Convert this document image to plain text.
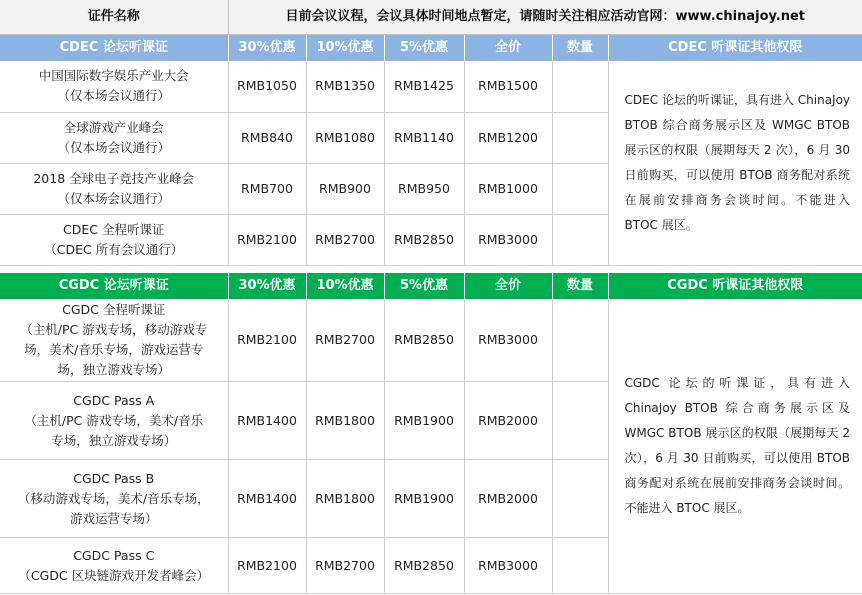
证件名称	目前会议议程，会议具体时间地点暂定，请随时关注相应活动官网：www.chinajoy.net					
CDEC 论坛听课证	30%优惠	10%优惠	5%优惠	全价	数量	CDEC 听课证其他权限

中国国际数字娱乐产业大会
（仅本场会议通行）	RMB1050	RMB1350	RMB1425	RMB1500		CDEC 论坛的听课证，具有进入 ChinaJoy BTOB 综合商务展示区及 WMGC BTOB 展示区的权限（展期每天 2 次），6 月 30 日前购买，可以使用 BTOB 商务配对系统在展前安排商务会谈时间。不能进入 BTOC 展区。

全球游戏产业峰会
（仅本场会议通行）	RMB840	RMB1080	RMB1140	RMB1200		

2018 全球电子竞技产业峰会
（仅本场会议通行）	RMB700	RMB900	RMB950	RMB1000		

CDEC 全程听课证
（CDEC 所有会议通行）	RMB2100	RMB2700	RMB2850	RMB3000		

CGDC 论坛听课证	30%优惠	10%优惠	5%优惠	全价	数量	CGDC 听课证其他权限

CGDC 全程听课证
（主机/PC 游戏专场，移动游戏专
场，美术/音乐专场，游戏运营专
场，独立游戏专场）	RMB2100	RMB2700	RMB2850	RMB3000		CGDC 论坛的听课证，具有进入 ChinaJoy BTOB 综合商务展示区及 WMGC BTOB 展示区的权限（展期每天 2 次），6 月 30 日前购买，可以使用 BTOB 商务配对系统在展前安排商务会谈时间。不能进入 BTOC 展区。

CGDC Pass A
（主机/PC 游戏专场，美术/音乐
专场，独立游戏专场）	RMB1400	RMB1800	RMB1900	RMB2000		

CGDC Pass B
（移动游戏专场，美术/音乐专场，
游戏运营专场）	RMB1400	RMB1800	RMB1900	RMB2000		

CGDC Pass C
（CGDC 区块链游戏开发者峰会）	RMB2100	RMB2700	RMB2850	RMB3000		
